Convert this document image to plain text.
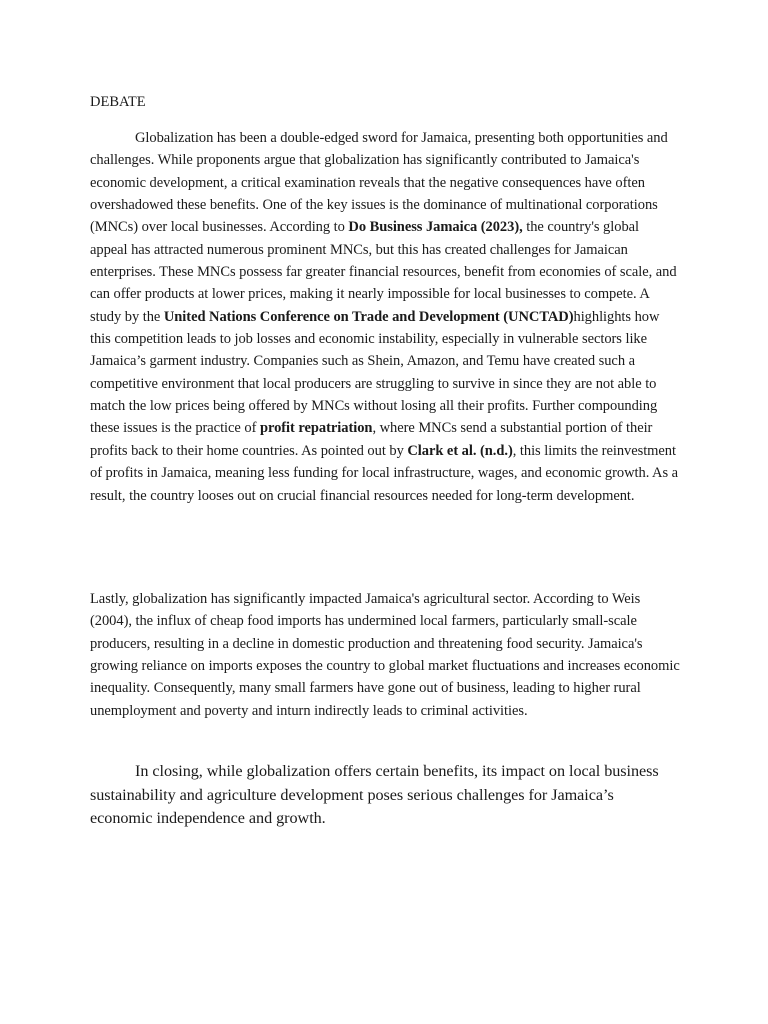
DEBATE

Globalization has been a double-edged sword for Jamaica, presenting both opportunities and challenges. While proponents argue that globalization has significantly contributed to Jamaica's economic development, a critical examination reveals that the negative consequences have often overshadowed these benefits. One of the key issues is the dominance of multinational corporations (MNCs) over local businesses. According to Do Business Jamaica (2023), the country's global appeal has attracted numerous prominent MNCs, but this has created challenges for Jamaican enterprises. These MNCs possess far greater financial resources, benefit from economies of scale, and can offer products at lower prices, making it nearly impossible for local businesses to compete. A study by the United Nations Conference on Trade and Development (UNCTAD)highlights how this competition leads to job losses and economic instability, especially in vulnerable sectors like Jamaica’s garment industry. Companies such as Shein, Amazon, and Temu have created such a competitive environment that local producers are struggling to survive in since they are not able to match the low prices being offered by MNCs without losing all their profits. Further compounding these issues is the practice of profit repatriation, where MNCs send a substantial portion of their profits back to their home countries. As pointed out by Clark et al. (n.d.), this limits the reinvestment of profits in Jamaica, meaning less funding for local infrastructure, wages, and economic growth. As a result, the country looses out on crucial financial resources needed for long-term development.

Lastly, globalization has significantly impacted Jamaica's agricultural sector. According to Weis (2004), the influx of cheap food imports has undermined local farmers, particularly small-scale producers, resulting in a decline in domestic production and threatening food security. Jamaica's growing reliance on imports exposes the country to global market fluctuations and increases economic inequality. Consequently, many small farmers have gone out of business, leading to higher rural unemployment and poverty and inturn indirectly leads to criminal activities.

In closing, while globalization offers certain benefits, its impact on local business sustainability and agriculture development poses serious challenges for Jamaica’s economic independence and growth.
